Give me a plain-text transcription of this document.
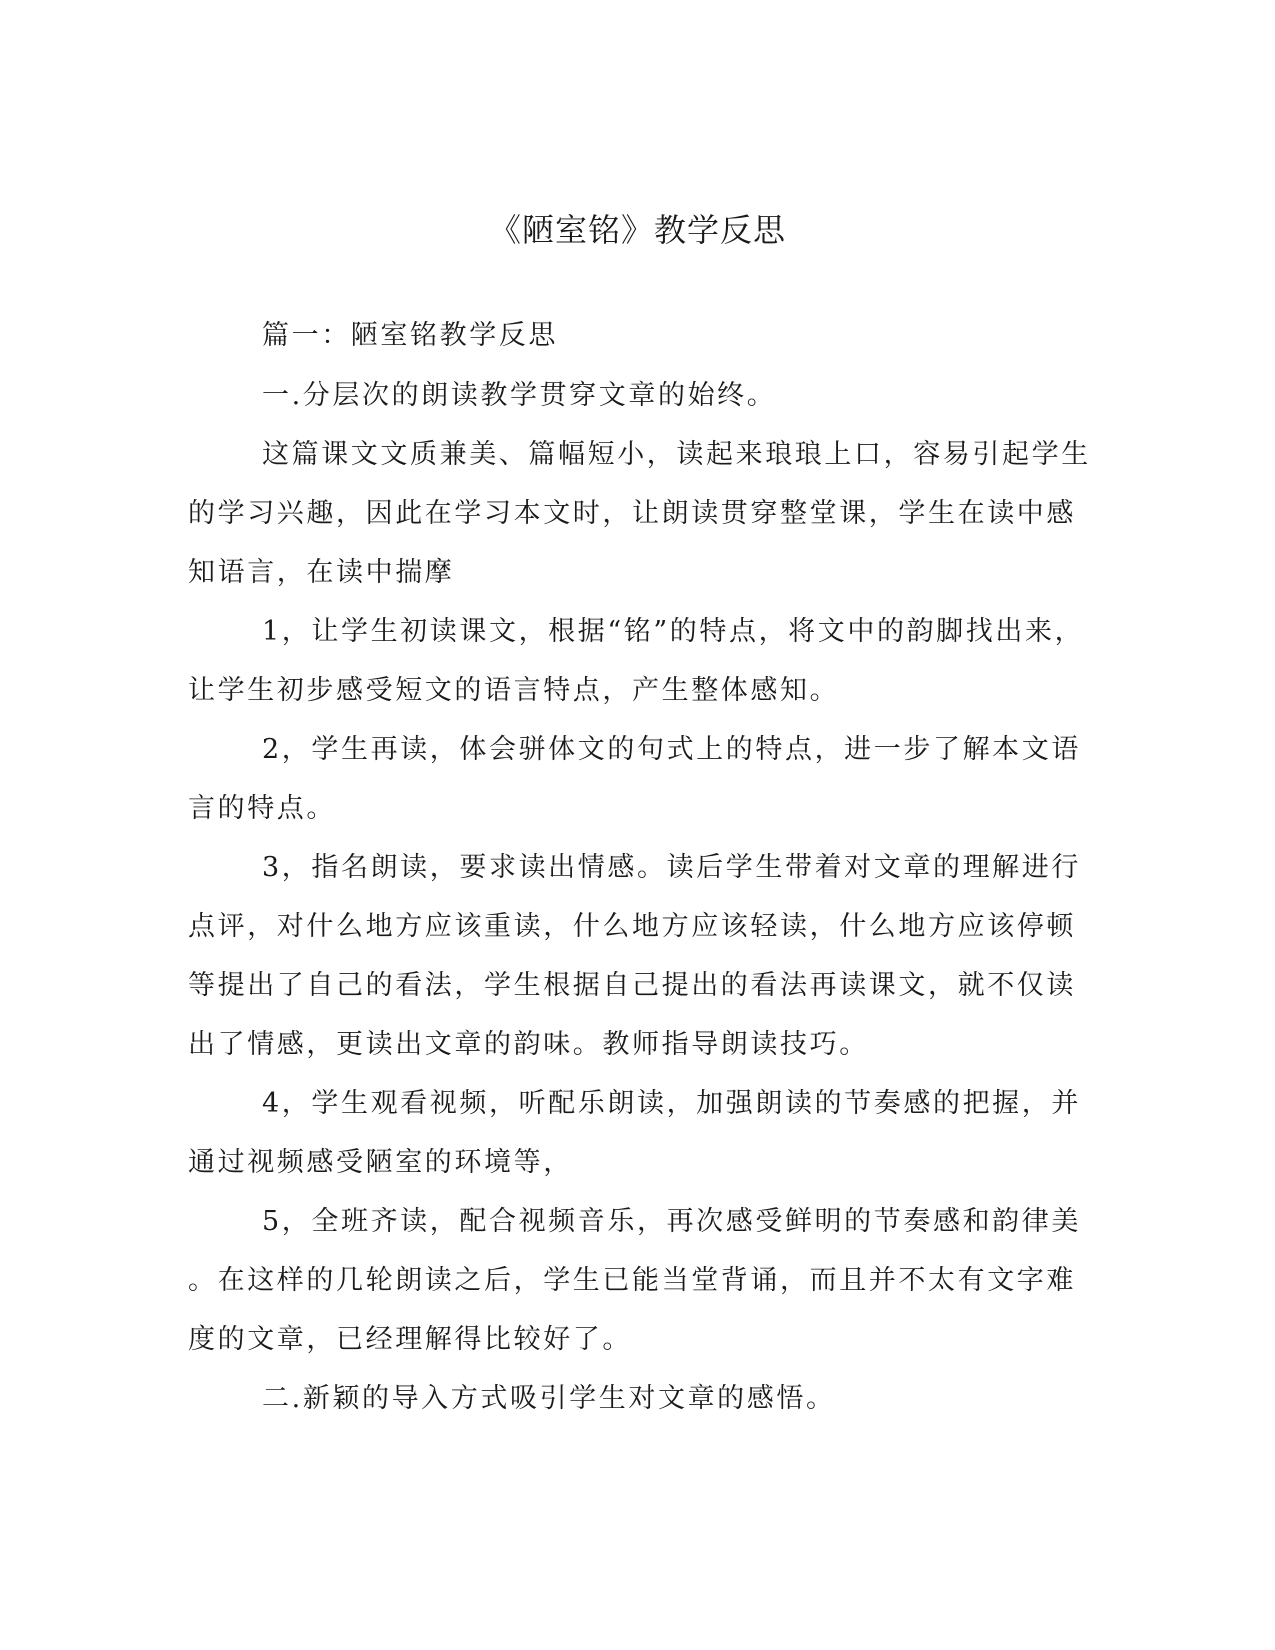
《陋室铭》教学反思
篇一：陋室铭教学反思
一.分层次的朗读教学贯穿文章的始终。
这篇课文文质兼美、篇幅短小，读起来琅琅上口，容易引起学生
的学习兴趣，因此在学习本文时，让朗读贯穿整堂课，学生在读中感
知语言，在读中揣摩
1，让学生初读课文，根据“铭”的特点，将文中的韵脚找出来，
让学生初步感受短文的语言特点，产生整体感知。
2，学生再读，体会骈体文的句式上的特点，进一步了解本文语
言的特点。
3，指名朗读，要求读出情感。读后学生带着对文章的理解进行
点评，对什么地方应该重读，什么地方应该轻读，什么地方应该停顿
等提出了自己的看法，学生根据自己提出的看法再读课文，就不仅读
出了情感，更读出文章的韵味。教师指导朗读技巧。
4，学生观看视频，听配乐朗读，加强朗读的节奏感的把握，并
通过视频感受陋室的环境等，
5，全班齐读，配合视频音乐，再次感受鲜明的节奏感和韵律美
。在这样的几轮朗读之后，学生已能当堂背诵，而且并不太有文字难
度的文章，已经理解得比较好了。
二.新颖的导入方式吸引学生对文章的感悟。
